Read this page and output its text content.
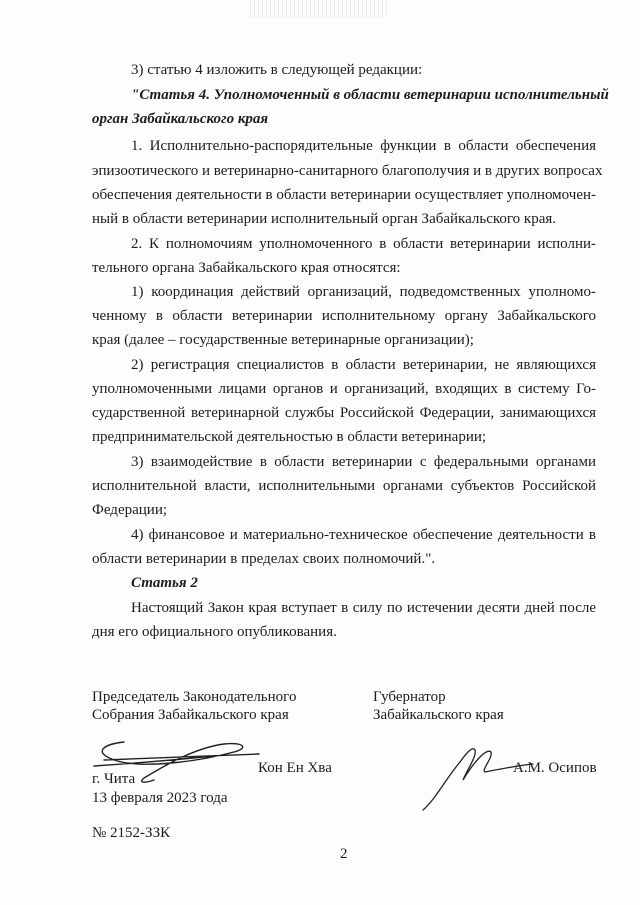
3) статью 4 изложить в следующей редакции:
"Статья 4. Уполномоченный в области ветеринарии исполнительный
орган Забайкальского края
1. Исполнительно-распорядительные функции в области обеспечения
эпизоотического и ветеринарно-санитарного благополучия и в других вопросах
обеспечения деятельности в области ветеринарии осуществляет уполномочен-
ный в области ветеринарии исполнительный орган Забайкальского края.
2. К полномочиям уполномоченного в области ветеринарии исполни-
тельного органа Забайкальского края относятся:
1) координация действий организаций, подведомственных уполномо-
ченному в области ветеринарии исполнительному органу Забайкальского
края (далее – государственные ветеринарные организации);
2) регистрация специалистов в области ветеринарии, не являющихся
уполномоченными лицами органов и организаций, входящих в систему Го-
сударственной ветеринарной службы Российской Федерации, занимающихся
предпринимательской деятельностью в области ветеринарии;
3) взаимодействие в области ветеринарии с федеральными органами
исполнительной власти, исполнительными органами субъектов Российской
Федерации;
4) финансовое и материально-техническое обеспечение деятельности в
области ветеринарии в пределах своих полномочий.".
Статья 2
Настоящий Закон края вступает в силу по истечении десяти дней после
дня его официального опубликования.
Председатель Законодательного
Собрания Забайкальского края
Губернатор
Забайкальского края
Кон Ен Хва	А.М. Осипов
г. Чита
13 февраля 2023 года
№ 2152-ЗЗК
2
